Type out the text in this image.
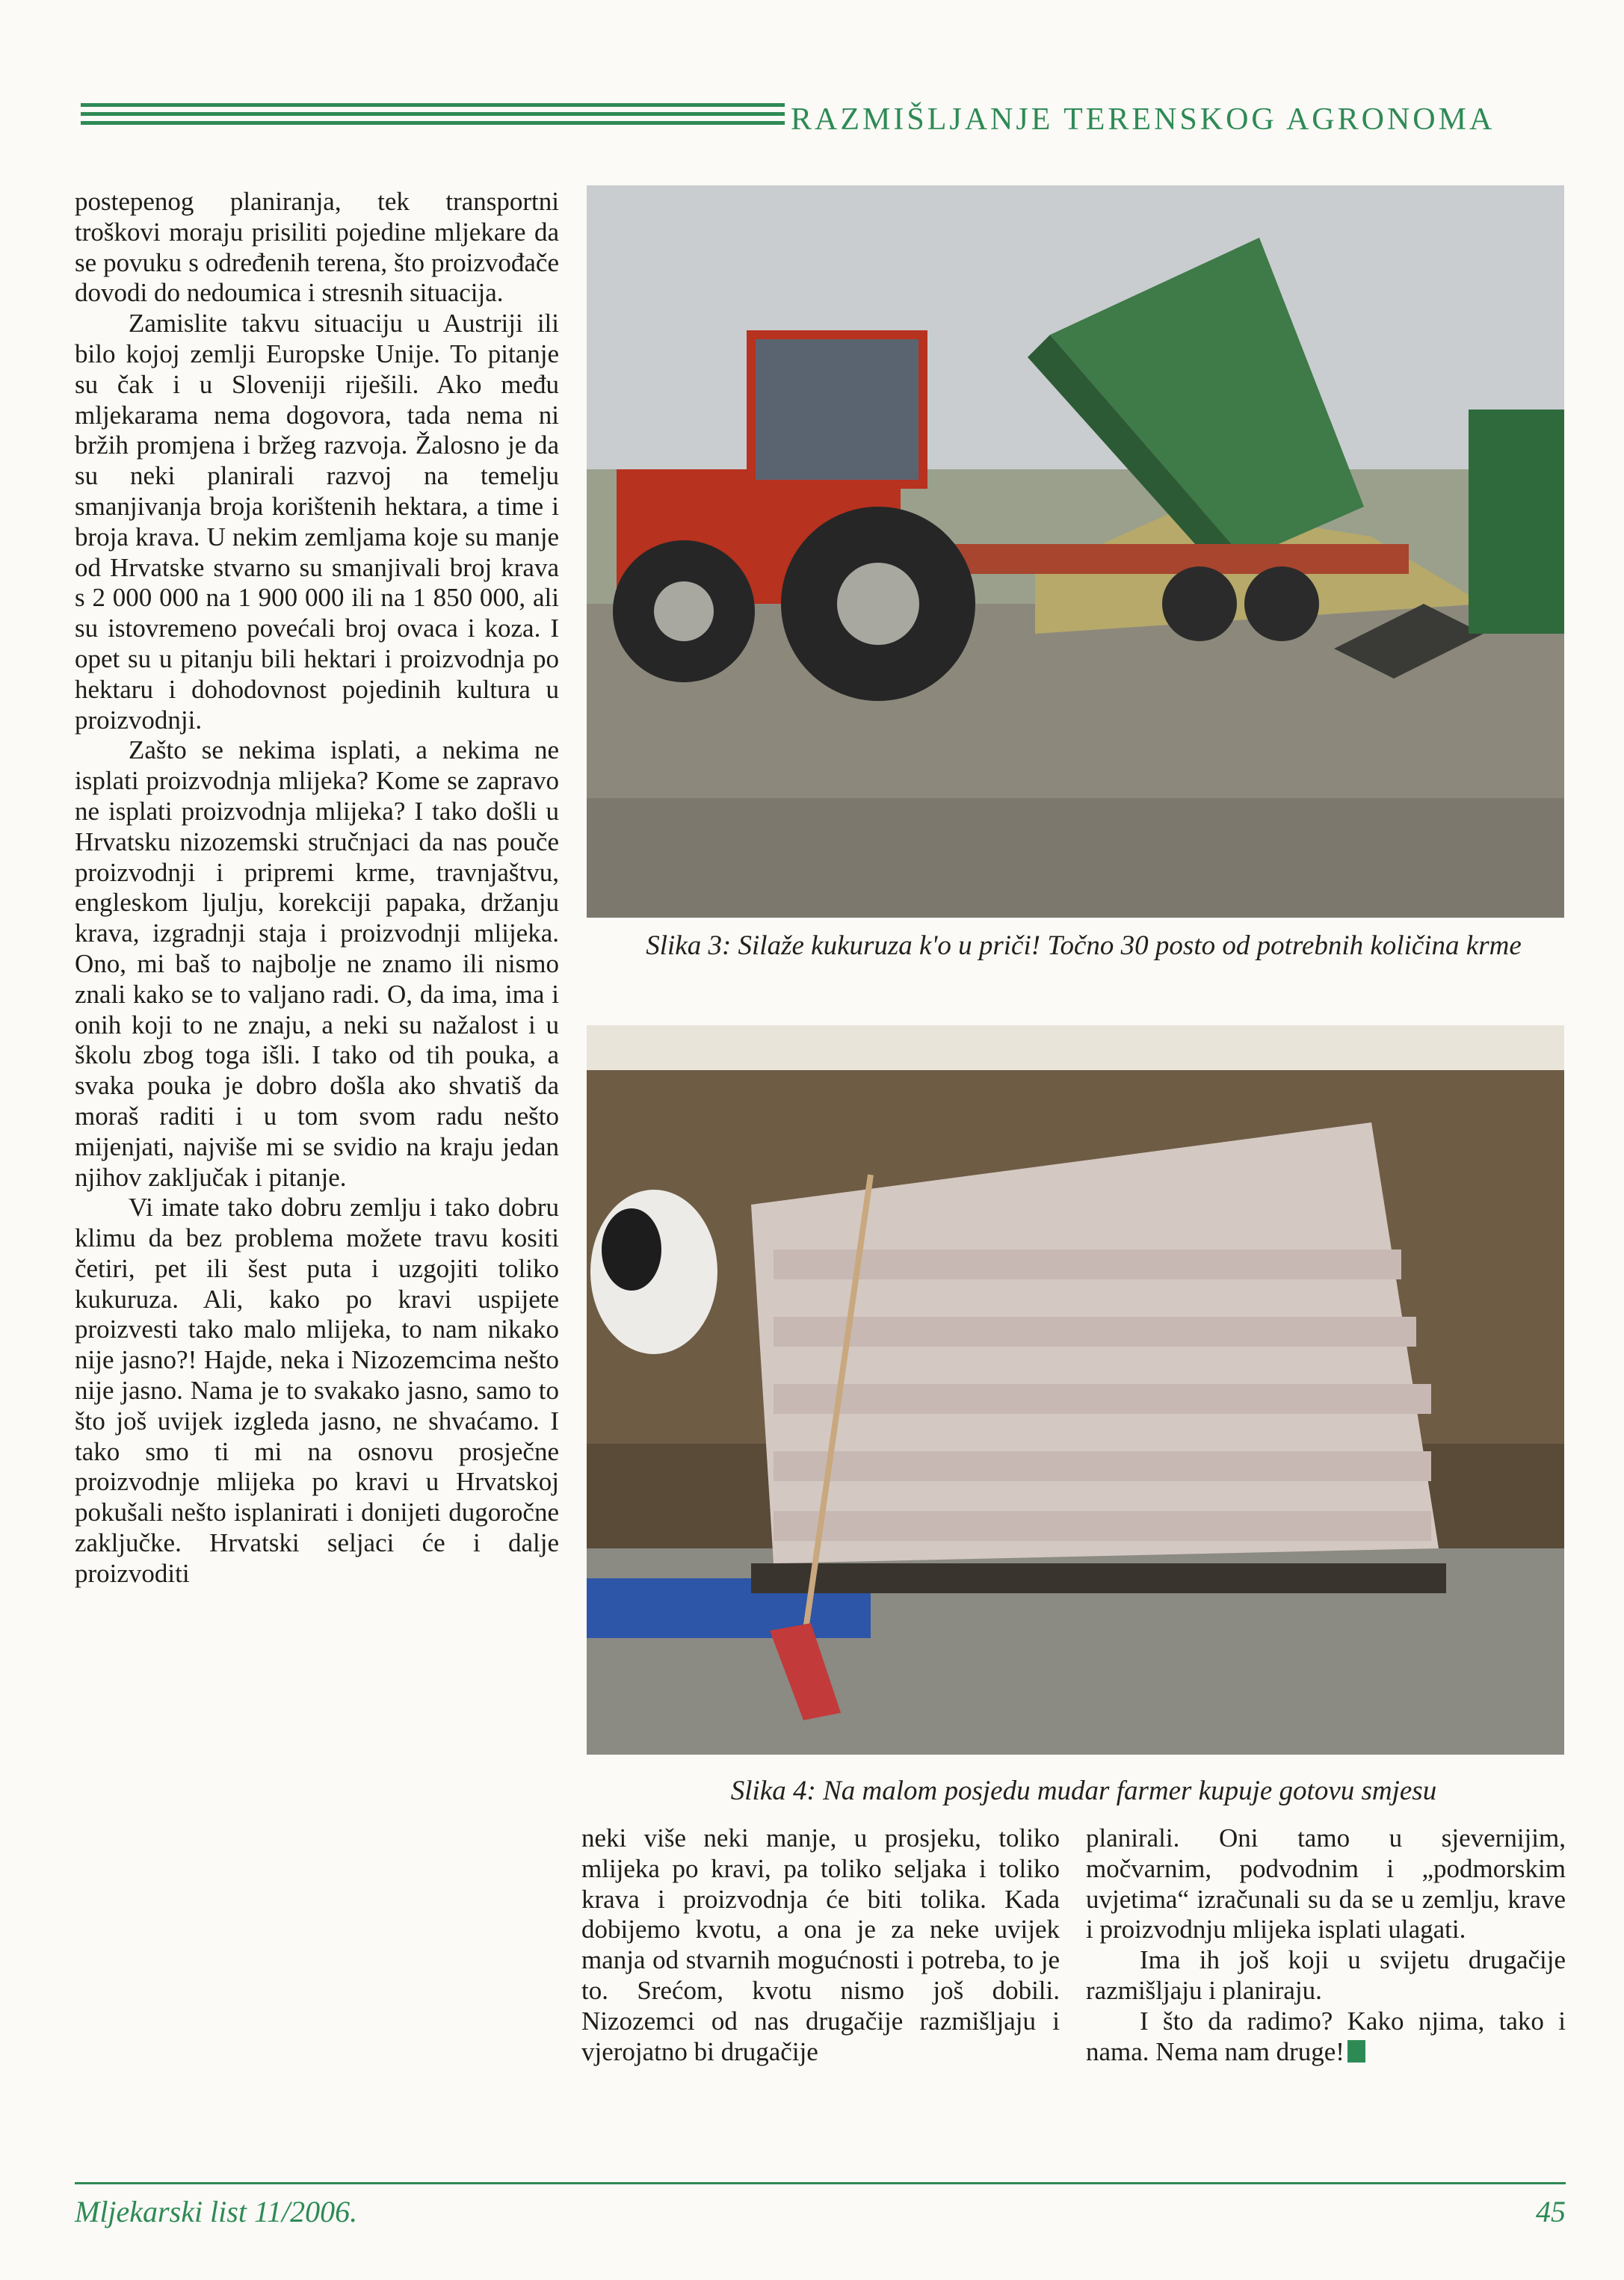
RAZMIŠLJANJE TERENSKOG AGRONOMA

postepenog planiranja, tek transportni troškovi moraju prisiliti pojedine mljekare da se povuku s određenih terena, što proizvođače dovodi do nedoumica i stresnih situacija.

Zamislite takvu situaciju u Austriji ili bilo kojoj zemlji Europske Unije. To pitanje su čak i u Sloveniji riješili. Ako među mljekarama nema dogovora, tada nema ni bržih promjena i bržeg razvoja. Žalosno je da su neki planirali razvoj na temelju smanjivanja broja korištenih hektara, a time i broja krava. U nekim zemljama koje su manje od Hrvatske stvarno su smanjivali broj krava s 2 000 000 na 1 900 000 ili na 1 850 000, ali su istovremeno povećali broj ovaca i koza. I opet su u pitanju bili hektari i proizvodnja po hektaru i dohodovnost pojedinih kultura u proizvodnji.

Zašto se nekima isplati, a nekima ne isplati proizvodnja mlijeka? Kome se zapravo ne isplati proizvodnja mlijeka? I tako došli u Hrvatsku nizozemski stručnjaci da nas pouče proizvodnji i pripremi krme, travnjaštvu, engleskom ljulju, korekciji papaka, držanju krava, izgradnji staja i proizvodnji mlijeka. Ono, mi baš to najbolje ne znamo ili nismo znali kako se to valjano radi. O, da ima, ima i onih koji to ne znaju, a neki su nažalost i u školu zbog toga išli. I tako od tih pouka, a svaka pouka je dobro došla ako shvatiš da moraš raditi i u tom svom radu nešto mijenjati, najviše mi se svidio na kraju jedan njihov zaključak i pitanje.

Vi imate tako dobru zemlju i tako dobru klimu da bez problema možete travu kositi četiri, pet ili šest puta i uzgojiti toliko kukuruza. Ali, kako po kravi uspijete proizvesti tako malo mlijeka, to nam nikako nije jasno?! Hajde, neka i Nizozemcima nešto nije jasno. Nama je to svakako jasno, samo to što još uvijek izgleda jasno, ne shvaćamo. I tako smo ti mi na osnovu prosječne proizvodnje mlijeka po kravi u Hrvatskoj pokušali nešto isplanirati i donijeti dugoročne zaključke. Hrvatski seljaci će i dalje proizvoditi

Slika 3: Silaže kukuruza k'o u priči! Točno 30 posto od potrebnih količina krme
Slika 4: Na malom posjedu mudar farmer kupuje gotovu smjesu

neki više neki manje, u prosjeku, toliko mlijeka po kravi, pa toliko seljaka i toliko krava i proizvodnja će biti tolika. Kada dobijemo kvotu, a ona je za neke uvijek manja od stvarnih mogućnosti i potreba, to je to. Srećom, kvotu nismo još dobili. Nizozemci od nas drugačije razmišljaju i vjerojatno bi drugačije

planirali. Oni tamo u sjevernijim, močvarnim, podvodnim i „podmorskim uvjetima“ izračunali su da se u zemlju, krave i proizvodnju mlijeka isplati ulagati.

Ima ih još koji u svijetu drugačije razmišljaju i planiraju.

I što da radimo? Kako njima, tako i nama. Nema nam druge!

Mljekarski list 11/2006.	45
